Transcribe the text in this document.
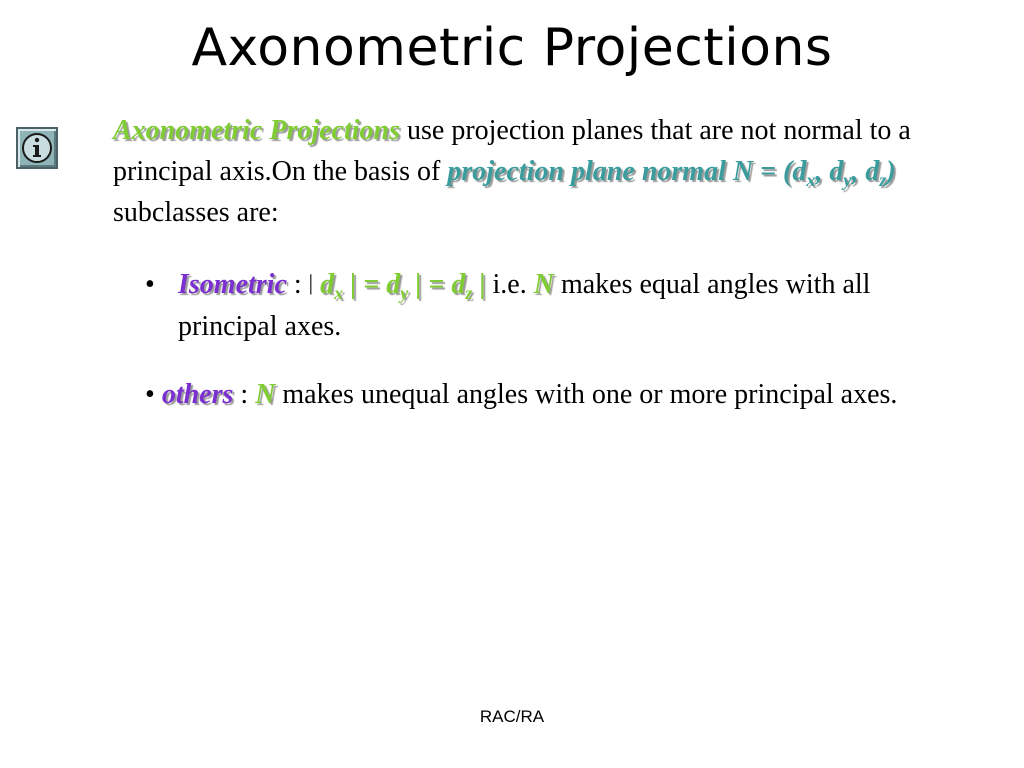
Axonometric Projections
Axonometric Projections use projection planes that are not normal to a principal axis.On the basis of projection plane normal $N = (d_x$, $d_y$, $d_z$) subclasses are:
• Isometric : | $d_x$ | = $d_y$ | = $d_z$ | i.e. N makes equal angles with all principal axes.
• others : N makes unequal angles with one or more principal axes.
RAC/RA
